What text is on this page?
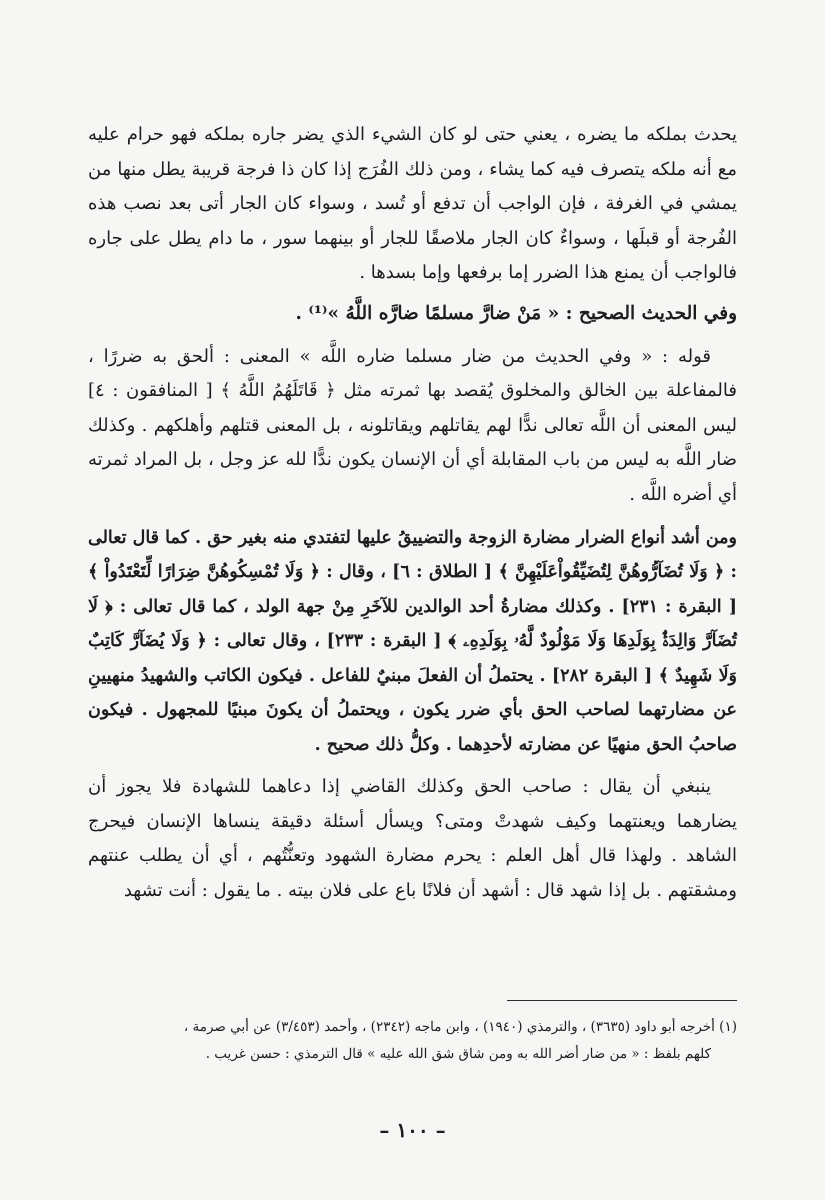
يحدث بملكه ما يضره ، يعني حتى لو كان الشيء الذي يضر جاره بملكه فهو حرام عليه مع أنه ملكه يتصرف فيه كما يشاء ، ومن ذلك الفُرَج إذا كان ذا فرجة قريبة يطل منها من يمشي في الغرفة ، فإن الواجب أن تدفع أو تُسد ، وسواء كان الجار أتى بعد نصب هذه الفُرجة أو قبلَها ، وسواءٌ كان الجار ملاصقًا للجار أو بينهما سور ، ما دام يطل على جاره فالواجب أن يمنع هذا الضرر إما برفعها وإما بسدها .

وفي الحديث الصحيح : « مَنْ ضارَّ مسلمًا ضارَّه اللَّهُ »⁽¹⁾ .

قوله : « وفي الحديث من ضار مسلما ضاره اللَّه » المعنى : ألحق به ضررًا ، فالمفاعلة بين الخالق والمخلوق يُقصد بها ثمرته مثل ﴿ قَاتَلَهُمُ اللَّهُ ﴾ [ المنافقون : ٤] ليس المعنى أن اللَّه تعالى ندًّا لهم يقاتلهم ويقاتلونه ، بل المعنى قتلهم وأهلكهم . وكذلك ضار اللَّه به ليس من باب المقابلة أي أن الإنسان يكون ندًّا لله عز وجل ، بل المراد ثمرته أي أضره اللَّه .

ومن أشد أنواع الضرار مضارة الزوجة والتضييقُ عليها لتفتدي منه بغير حق . كما قال تعالى : ﴿ وَلَا تُضَآرُّوهُنَّ لِتُضَيِّقُواْعَلَيْهِنَّ ﴾ [ الطلاق : ٦] ، وقال : ﴿ وَلَا تُمْسِكُوهُنَّ ضِرَارًا لِّتَعْتَدُواْ ﴾ [ البقرة : ٢٣١] . وكذلك مضارةُ أحد الوالدين للآخَرِ مِنْ جهة الولد ، كما قال تعالى : ﴿ لَا تُضَآرَّ وَالِدَةٌۢ بِوَلَدِهَا وَلَا مَوْلُودٌ لَّهُۥ بِوَلَدِهِۦ ﴾ [ البقرة : ٢٣٣] ، وقال تعالى : ﴿ وَلَا يُضَآرَّ كَاتِبٌ وَلَا شَهِيدٌ ﴾ [ البقرة ٢٨٢] . يحتملُ أن الفعلَ مبنيٌ للفاعل . فيكون الكاتب والشهيدُ منهيينِ عن مضارتهما لصاحب الحق بأي ضرر يكون ، ويحتملُ أن يكونَ مبنيًا للمجهول . فيكون صاحبُ الحق منهيًا عن مضارته لأحدِهما . وكلُّ ذلك صحيح .

ينبغي أن يقال : صاحب الحق وكذلك القاضي إذا دعاهما للشهادة فلا يجوز أن يضارهما ويعنتهما وكيف شهدتْ ومتى؟ ويسأل أسئلة دقيقة ينساها الإنسان فيحرج الشاهد . ولهذا قال أهل العلم : يحرم مضارة الشهود وتعنُّتُهم ، أي أن يطلب عنتهم ومشقتهم . بل إذا شهد قال : أشهد أن فلانًا باع على فلان بيته . ما يقول : أنت تشهد

(١) أخرجه أبو داود (٣٦٣٥) ، والترمذي (١٩٤٠) ، وابن ماجه (٢٣٤٢) ، وأحمد (٣/٤٥٣) عن أبي صرمة ،

كلهم بلفظ : « من ضار أضر الله به ومن شاق شق الله عليه » قال الترمذي : حسن غريب .

– ١٠٠ –
